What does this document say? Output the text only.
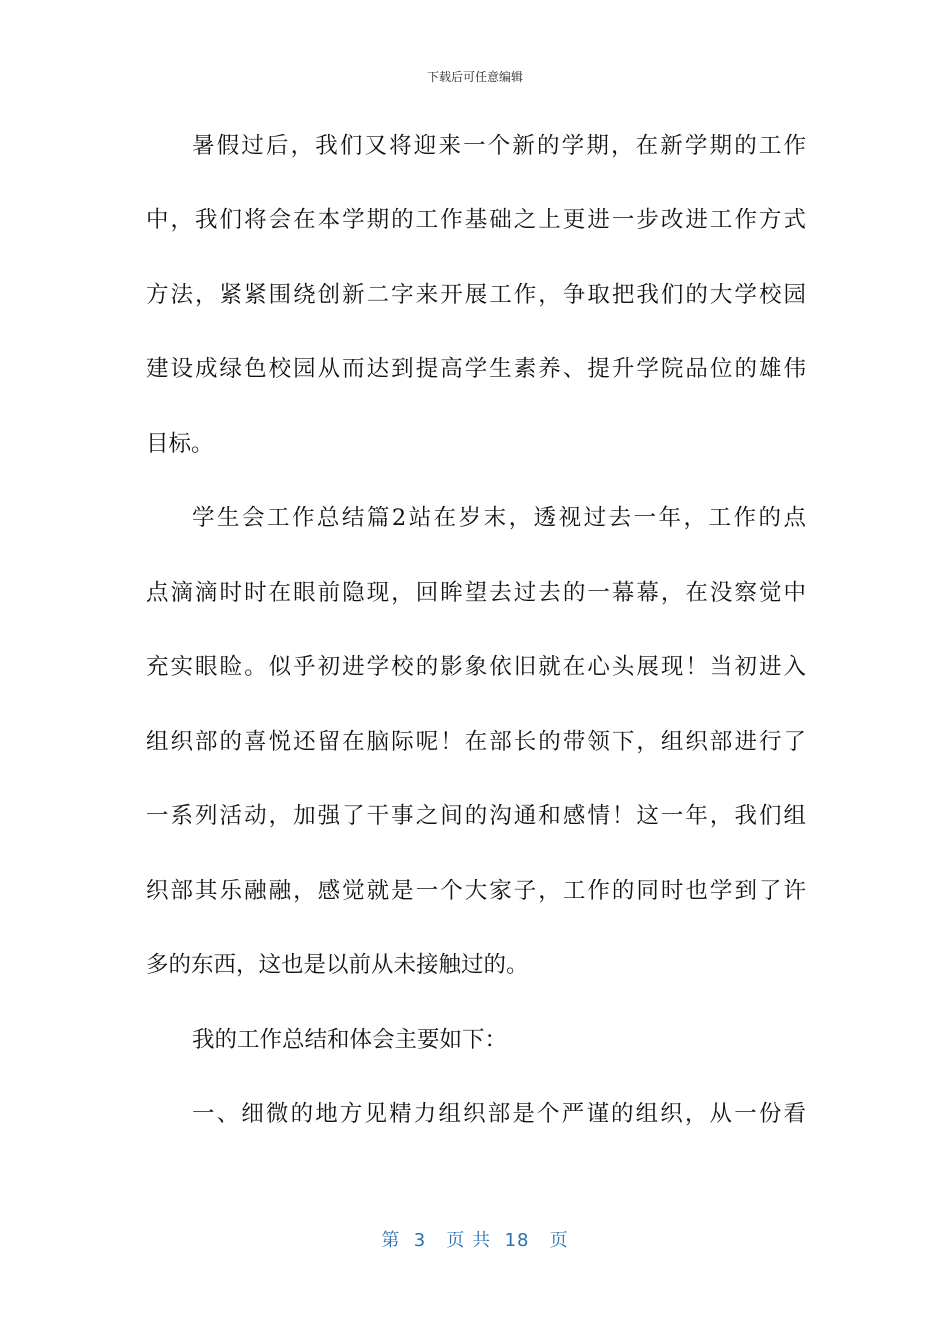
下载后可任意编辑
暑假过后，我们又将迎来一个新的学期，在新学期的工作
中，我们将会在本学期的工作基础之上更进一步改进工作方式
方法，紧紧围绕创新二字来开展工作，争取把我们的大学校园
建设成绿色校园从而达到提高学生素养、提升学院品位的雄伟
目标。
学生会工作总结篇2站在岁末，透视过去一年，工作的点
点滴滴时时在眼前隐现，回眸望去过去的一幕幕，在没察觉中
充实眼睑。似乎初进学校的影象依旧就在心头展现！当初进入
组织部的喜悦还留在脑际呢！在部长的带领下，组织部进行了
一系列活动，加强了干事之间的沟通和感情！这一年，我们组
织部其乐融融，感觉就是一个大家子，工作的同时也学到了许
多的东西，这也是以前从未接触过的。
我的工作总结和体会主要如下：
一、细微的地方见精力组织部是个严谨的组织，从一份看
第  3   页 共  18   页
